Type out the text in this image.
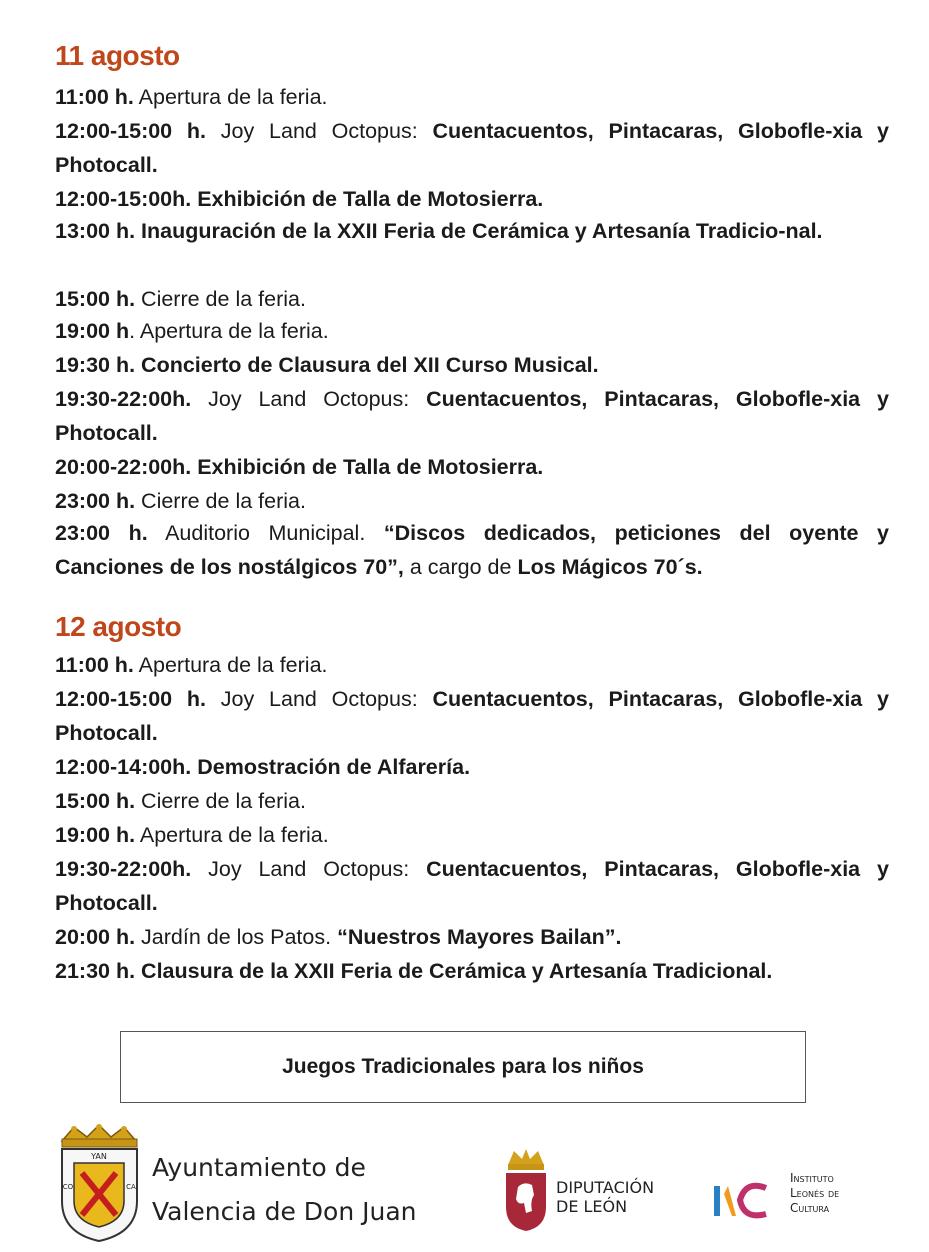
11 agosto

11:00 h. Apertura de la feria.

12:00-15:00 h. Joy Land Octopus: Cuentacuentos, Pintacaras, Globofle-xia y Photocall.

12:00-15:00h. Exhibición de Talla de Motosierra.

13:00 h. Inauguración de la XXII Feria de Cerámica y Artesanía Tradicio-nal.

15:00 h. Cierre de la feria.

19:00 h. Apertura de la feria.

19:30 h. Concierto de Clausura del XII Curso Musical.

19:30-22:00h. Joy Land Octopus: Cuentacuentos, Pintacaras, Globofle-xia y Photocall.

20:00-22:00h. Exhibición de Talla de Motosierra.

23:00 h. Cierre de la feria.

23:00 h. Auditorio Municipal. “Discos dedicados, peticiones del oyente y Canciones de los nostálgicos 70”, a cargo de Los Mágicos 70´s.

12 agosto

11:00 h. Apertura de la feria.

12:00-15:00 h. Joy Land Octopus: Cuentacuentos, Pintacaras, Globofle-xia y Photocall.

12:00-14:00h. Demostración de Alfarería.

15:00 h. Cierre de la feria.

19:00 h. Apertura de la feria.

19:30-22:00h. Joy Land Octopus: Cuentacuentos, Pintacaras, Globofle-xia y Photocall.

20:00 h. Jardín de los Patos. “Nuestros Mayores Bailan”.

21:30 h. Clausura de la XXII Feria de Cerámica y Artesanía Tradicional.

Juegos Tradicionales para los niños
YAN
CO	CA
Ayuntamiento de
Valencia de Don Juan
DIPUTACIÓN
DE LEÓN
Instituto
Leonés de
Cultura
